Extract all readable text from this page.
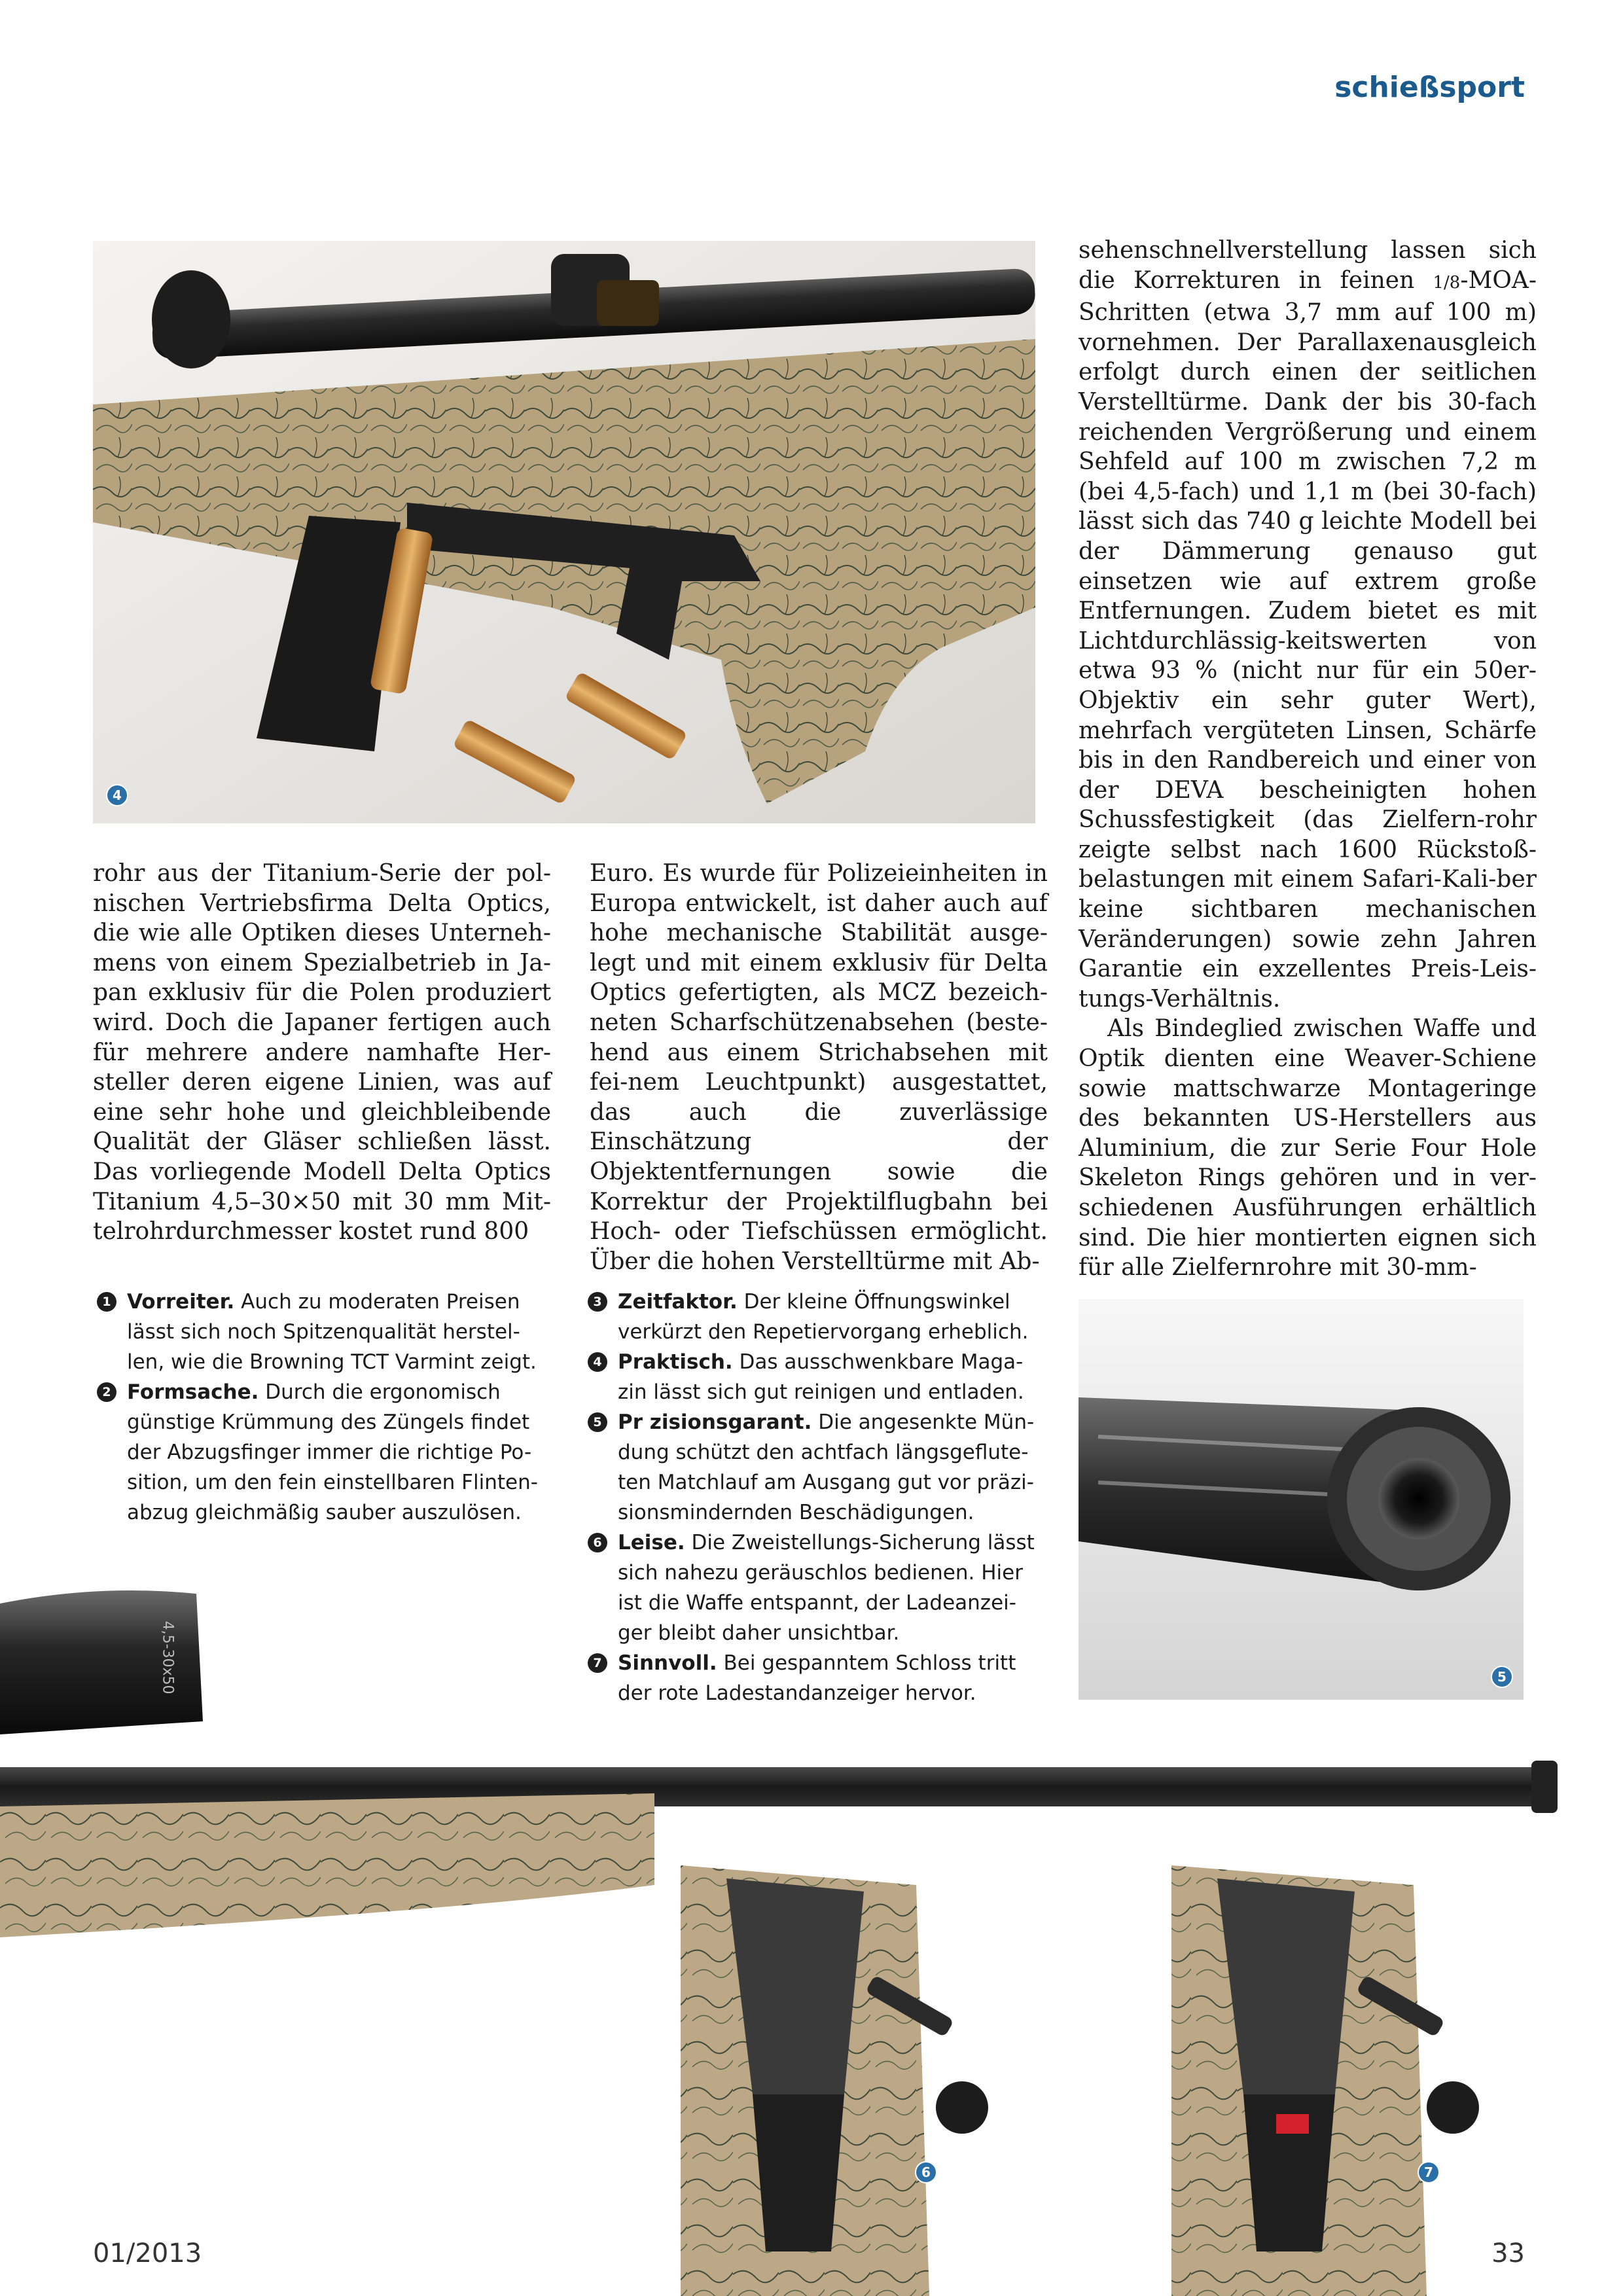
schießsport
4

rohr aus der Titanium-Serie der pol-nischen Vertriebsfirma Delta Optics, die wie alle Optiken dieses Unterneh-mens von einem Spezialbetrieb in Ja-pan exklusiv für die Polen produziert wird. Doch die Japaner fertigen auch für mehrere andere namhafte Her-steller deren eigene Linien, was auf eine sehr hohe und gleichbleibende Qualität der Gläser schließen lässt. Das vorliegende Modell Delta Optics Titanium 4,5–30×50 mit 30 mm Mit-telrohrdurchmesser kostet rund 800

Euro. Es wurde für Polizeieinheiten in Europa entwickelt, ist daher auch auf hohe mechanische Stabilität ausge-legt und mit einem exklusiv für Delta Optics gefertigten, als MCZ bezeich-neten Scharfschützenabsehen (beste-hend aus einem Strichabsehen mit fei-nem Leuchtpunkt) ausgestattet, das auch die zuverlässige Einschätzung der Objektentfernungen sowie die Korrektur der Projektilflugbahn bei Hoch- oder Tiefschüssen ermöglicht. Über die hohen Verstelltürme mit Ab-

sehenschnellverstellung lassen sich die Korrekturen in feinen 1/8-MOA-Schritten (etwa 3,7 mm auf 100 m) vornehmen. Der Parallaxenausgleich erfolgt durch einen der seitlichen Verstelltürme. Dank der bis 30-fach reichenden Vergrößerung und einem Sehfeld auf 100 m zwischen 7,2 m (bei 4,5-fach) und 1,1 m (bei 30-fach) lässt sich das 740 g leichte Modell bei der Dämmerung genauso gut einsetzen wie auf extrem große Entfernungen. Zudem bietet es mit Lichtdurchlässig-keitswerten von etwa 93 % (nicht nur für ein 50er-Objektiv ein sehr guter Wert), mehrfach vergüteten Linsen, Schärfe bis in den Randbereich und einer von der DEVA bescheinigten hohen Schussfestigkeit (das Zielfern-rohr zeigte selbst nach 1600 Rückstoß-belastungen mit einem Safari-Kali-ber keine sichtbaren mechanischen Veränderungen) sowie zehn Jahren Garantie ein exzellentes Preis-Leis-tungs-Verhältnis.

Als Bindeglied zwischen Waffe und Optik dienten eine Weaver-Schiene sowie mattschwarze Montageringe des bekannten US-Herstellers aus Aluminium, die zur Serie Four Hole Skeleton Rings gehören und in ver-schiedenen Ausführungen erhältlich sind. Die hier montierten eignen sich für alle Zielfernrohre mit 30-mm-

1 Vorreiter. Auch zu moderaten Preisen lässt sich noch Spitzenqualität herstel-len, wie die Browning TCT Varmint zeigt.
2 Formsache. Durch die ergonomisch günstige Krümmung des Züngels findet der Abzugsfinger immer die richtige Po-sition, um den fein einstellbaren Flinten-abzug gleichmäßig sauber auszulösen.
3 Zeitfaktor. Der kleine Öffnungswinkel verkürzt den Repetiervorgang erheblich.
4 Praktisch. Das ausschwenkbare Maga-zin lässt sich gut reinigen und entladen.
5 Pr zisionsgarant. Die angesenkte Mün-dung schützt den achtfach längsgeflute-ten Matchlauf am Ausgang gut vor präzi-sionsmindernden Beschädigungen.
6 Leise. Die Zweistellungs-Sicherung lässt sich nahezu geräuschlos bedienen. Hier ist die Waffe entspannt, der Ladeanzei-ger bleibt daher unsichtbar.
7 Sinnvoll. Bei gespanntem Schloss tritt der rote Ladestandanzeiger hervor.
5
4,5-30x50
6	7
01/2013	33
